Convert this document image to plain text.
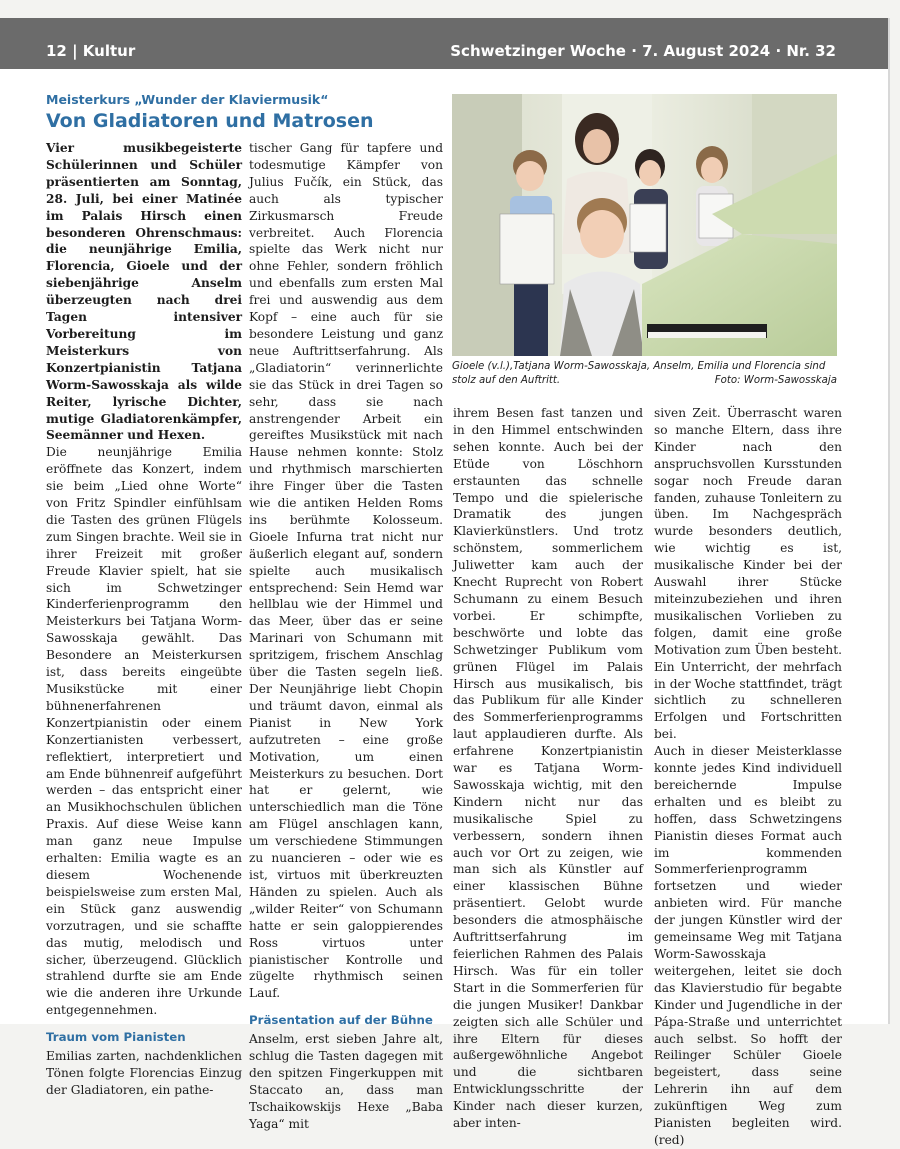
12 | Kultur	Schwetzinger Woche · 7. August 2024 · Nr. 32
Meisterkurs „Wunder der Klaviermusik“
Von Gladiatoren und Matrosen

Vier musikbegeisterte Schülerinnen und Schüler präsentierten am Sonntag, 28. Juli, bei einer Matinée im Palais Hirsch einen besonderen Ohrenschmaus: die neunjährige Emilia, Florencia, Gioele und der siebenjährige Anselm überzeugten nach drei Tagen intensiver Vorbereitung im Meisterkurs von Konzertpianistin Tatjana Worm-Sawosskaja als wilde Reiter, lyrische Dichter, mutige Gladiatorenkämpfer, Seemänner und Hexen.

Die neunjährige Emilia eröffnete das Konzert, indem sie beim „Lied ohne Worte“ von Fritz Spindler einfühlsam die Tasten des grünen Flügels zum Singen brachte. Weil sie in ihrer Freizeit mit großer Freude Klavier spielt, hat sie sich im Schwetzinger Kinderferienprogramm den Meisterkurs bei Tatjana Worm-Sawosskaja gewählt. Das Besondere an Meisterkursen ist, dass bereits eingeübte Musikstücke mit einer bühnenerfahrenen Konzertpianistin oder einem Konzertianisten verbessert, reflektiert, interpretiert und am Ende bühnenreif aufgeführt werden – das entspricht einer an Musikhochschulen üblichen Praxis. Auf diese Weise kann man ganz neue Impulse erhalten: Emilia wagte es an diesem Wochenende beispielsweise zum ersten Mal, ein Stück ganz auswendig vorzutragen, und sie schaffte das mutig, melodisch und sicher, überzeugend. Glücklich strahlend durfte sie am Ende wie die anderen ihre Urkunde entgegennehmen.

Traum vom Pianisten

Emilias zarten, nachdenklichen Tönen folgte Florencias Einzug der Gladiatoren, ein pathe-

tischer Gang für tapfere und todesmutige Kämpfer von Julius Fučík, ein Stück, das auch als typischer Zirkusmarsch Freude verbreitet. Auch Florencia spielte das Werk nicht nur ohne Fehler, sondern fröhlich und ebenfalls zum ersten Mal frei und auswendig aus dem Kopf – eine auch für sie besondere Leistung und ganz neue Auftrittserfahrung. Als „Gladiatorin“ verinnerlichte sie das Stück in drei Tagen so sehr, dass sie nach anstrengender Arbeit ein gereiftes Musikstück mit nach Hause nehmen konnte: Stolz und rhythmisch marschierten ihre Finger über die Tasten wie die antiken Helden Roms ins berühmte Kolosseum. Gioele Infurna trat nicht nur äußerlich elegant auf, sondern spielte auch musikalisch entsprechend: Sein Hemd war hellblau wie der Himmel und das Meer, über das er seine Marinari von Schumann mit spritzigem, frischem Anschlag über die Tasten segeln ließ. Der Neunjährige liebt Chopin und träumt davon, einmal als Pianist in New York aufzutreten – eine große Motivation, um einen Meisterkurs zu besuchen. Dort hat er gelernt, wie unterschiedlich man die Töne am Flügel anschlagen kann, um verschiedene Stimmungen zu nuancieren – oder wie es ist, virtuos mit überkreuzten Händen zu spielen. Auch als „wilder Reiter“ von Schumann hatte er sein galoppierendes Ross virtuos unter pianistischer Kontrolle und zügelte rhythmisch seinen Lauf.

Präsentation auf der Bühne

Anselm, erst sieben Jahre alt, schlug die Tasten dagegen mit den spitzen Fingerkuppen mit Staccato an, dass man Tschaikowskijs Hexe „Baba Yaga“ mit

Gioele (v.l.),Tatjana Worm-Sawosskaja, Anselm, Emilia und Florencia sind stolz auf den Auftritt.	Foto: Worm-Sawosskaja

ihrem Besen fast tanzen und in den Himmel entschwinden sehen konnte. Auch bei der Etüde von Löschhorn erstaunten das schnelle Tempo und die spielerische Dramatik des jungen Klavierkünstlers. Und trotz schönstem, sommerlichem Juliwetter kam auch der Knecht Ruprecht von Robert Schumann zu einem Besuch vorbei. Er schimpfte, beschwörte und lobte das Schwetzinger Publikum vom grünen Flügel im Palais Hirsch aus musikalisch, bis das Publikum für alle Kinder des Sommerferienprogramms laut applaudieren durfte. Als erfahrene Konzertpianistin war es Tatjana Worm-Sawosskaja wichtig, mit den Kindern nicht nur das musikalische Spiel zu verbessern, sondern ihnen auch vor Ort zu zeigen, wie man sich als Künstler auf einer klassischen Bühne präsentiert. Gelobt wurde besonders die atmosphäische Auftrittserfahrung im feierlichen Rahmen des Palais Hirsch. Was für ein toller Start in die Sommerferien für die jungen Musiker! Dankbar zeigten sich alle Schüler und ihre Eltern für dieses außergewöhnliche Angebot und die sichtbaren Entwicklungsschritte der Kinder nach dieser kurzen, aber inten-

siven Zeit. Überrascht waren so manche Eltern, dass ihre Kinder nach den anspruchsvollen Kursstunden sogar noch Freude daran fanden, zuhause Tonleitern zu üben. Im Nachgespräch wurde besonders deutlich, wie wichtig es ist, musikalische Kinder bei der Auswahl ihrer Stücke miteinzubeziehen und ihren musikalischen Vorlieben zu folgen, damit eine große Motivation zum Üben besteht. Ein Unterricht, der mehrfach in der Woche stattfindet, trägt sichtlich zu schnelleren Erfolgen und Fortschritten bei.

Auch in dieser Meisterklasse konnte jedes Kind individuell bereichernde Impulse erhalten und es bleibt zu hoffen, dass Schwetzingens Pianistin dieses Format auch im kommenden Sommerferienprogramm fortsetzen und wieder anbieten wird. Für manche der jungen Künstler wird der gemeinsame Weg mit Tatjana Worm-Sawosskaja weitergehen, leitet sie doch das Klavierstudio für begabte Kinder und Jugendliche in der Pápa-Straße und unterrichtet auch selbst. So hofft der Reilinger Schüler Gioele begeistert, dass seine Lehrerin ihn auf dem zukünftigen Weg zum Pianisten begleiten wird. (red)
